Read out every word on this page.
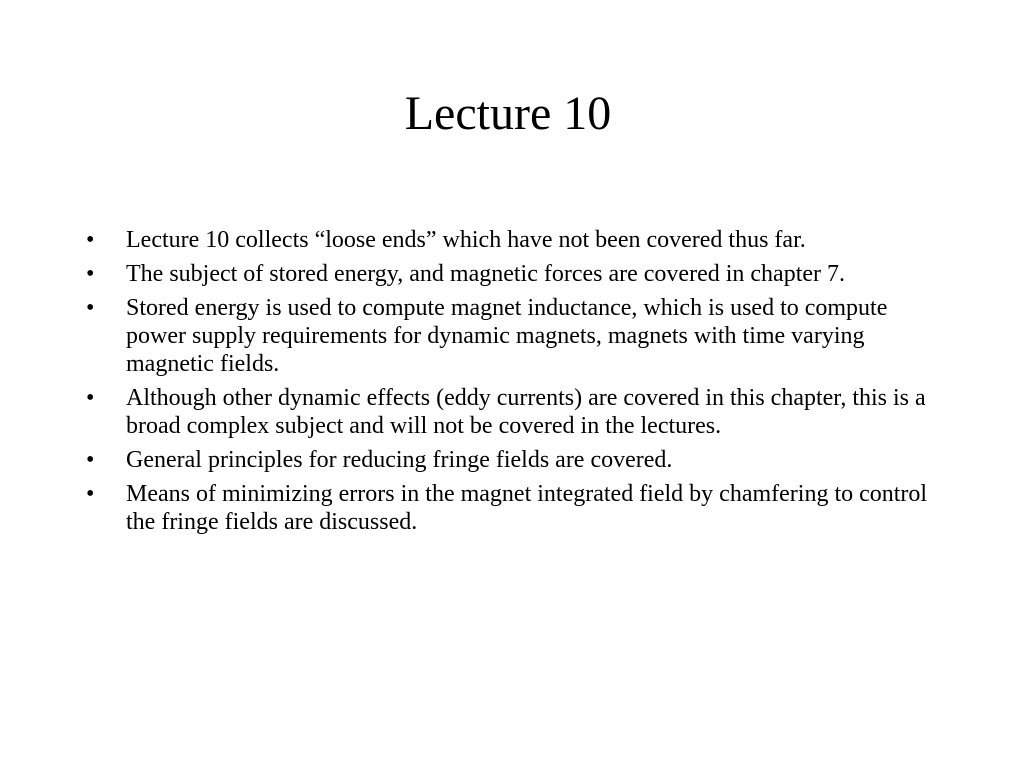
Lecture 10
•	Lecture 10 collects “loose ends” which have not been covered thus far.
•	The subject of stored energy, and magnetic forces are covered in chapter 7.
•	Stored energy is used to compute magnet inductance, which is used to compute power supply requirements for dynamic magnets, magnets with time varying magnetic fields.
•	Although other dynamic effects (eddy currents) are covered in this chapter, this is a broad complex subject and will not be covered in the lectures.
•	General principles for reducing fringe fields are covered.
•	Means of minimizing errors in the magnet integrated field by chamfering to control the fringe fields are discussed.
